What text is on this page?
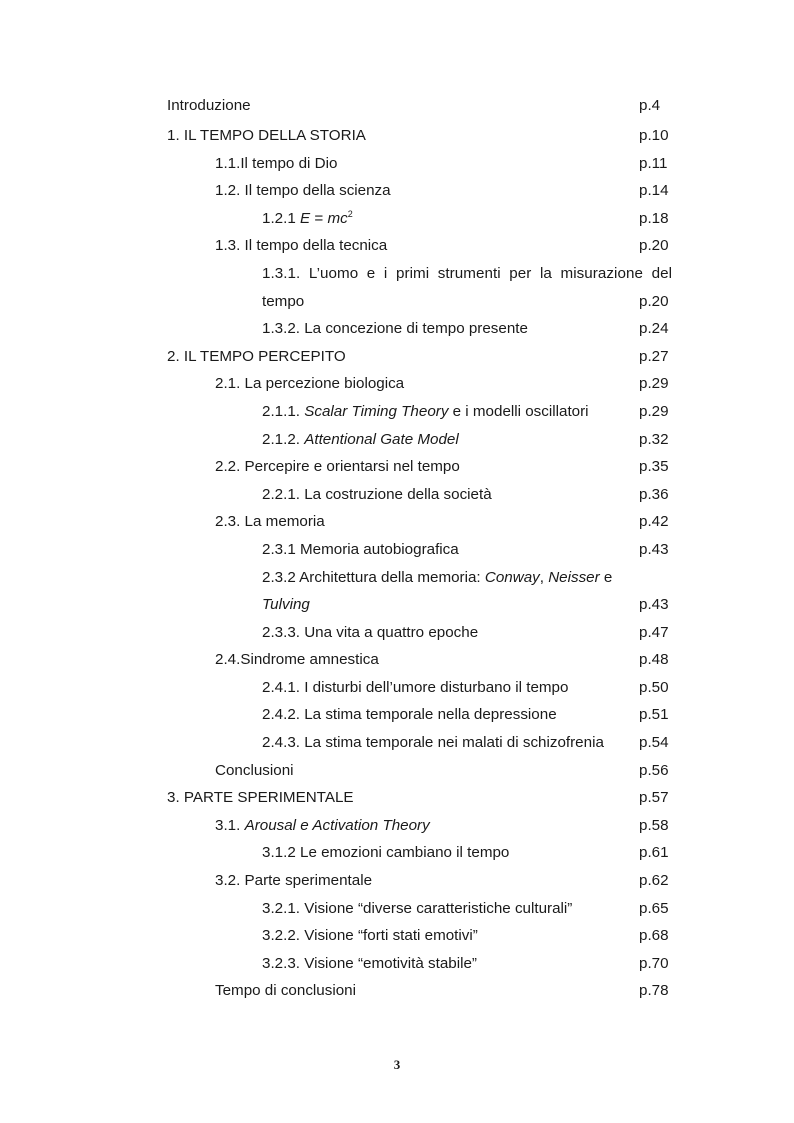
Introduzione	p.4
1. IL TEMPO DELLA STORIA	p.10
1.1.Il tempo di Dio	p.11
1.2. Il tempo della scienza	p.14
1.2.1 $E = mc^2$	p.18
1.3. Il tempo della tecnica	p.20
1.3.1. L’uomo e i primi strumenti per la misurazione del
tempo	p.20
1.3.2. La concezione di tempo presente	p.24
2. IL TEMPO PERCEPITO	p.27
2.1. La percezione biologica	p.29
2.1.1. Scalar Timing Theory e i modelli oscillatori	p.29
2.1.2. Attentional Gate Model	p.32
2.2. Percepire e orientarsi nel tempo	p.35
2.2.1. La costruzione della società	p.36
2.3. La memoria	p.42
2.3.1 Memoria autobiografica	p.43
2.3.2 Architettura della memoria: Conway, Neisser e
Tulving	p.43
2.3.3. Una vita a quattro epoche	p.47
2.4.Sindrome amnestica	p.48
2.4.1. I disturbi dell’umore disturbano il tempo	p.50
2.4.2. La stima temporale nella depressione	p.51
2.4.3. La stima temporale nei malati di schizofrenia p.54
Conclusioni	p.56
3. PARTE SPERIMENTALE	p.57
3.1. Arousal e Activation Theory	p.58
3.1.2 Le emozioni cambiano il tempo	p.61
3.2. Parte sperimentale	p.62
3.2.1. Visione “diverse caratteristiche culturali”	p.65
3.2.2. Visione “forti stati emotivi”	p.68
3.2.3. Visione “emotività stabile”	p.70
Tempo di conclusioni	p.78
3
